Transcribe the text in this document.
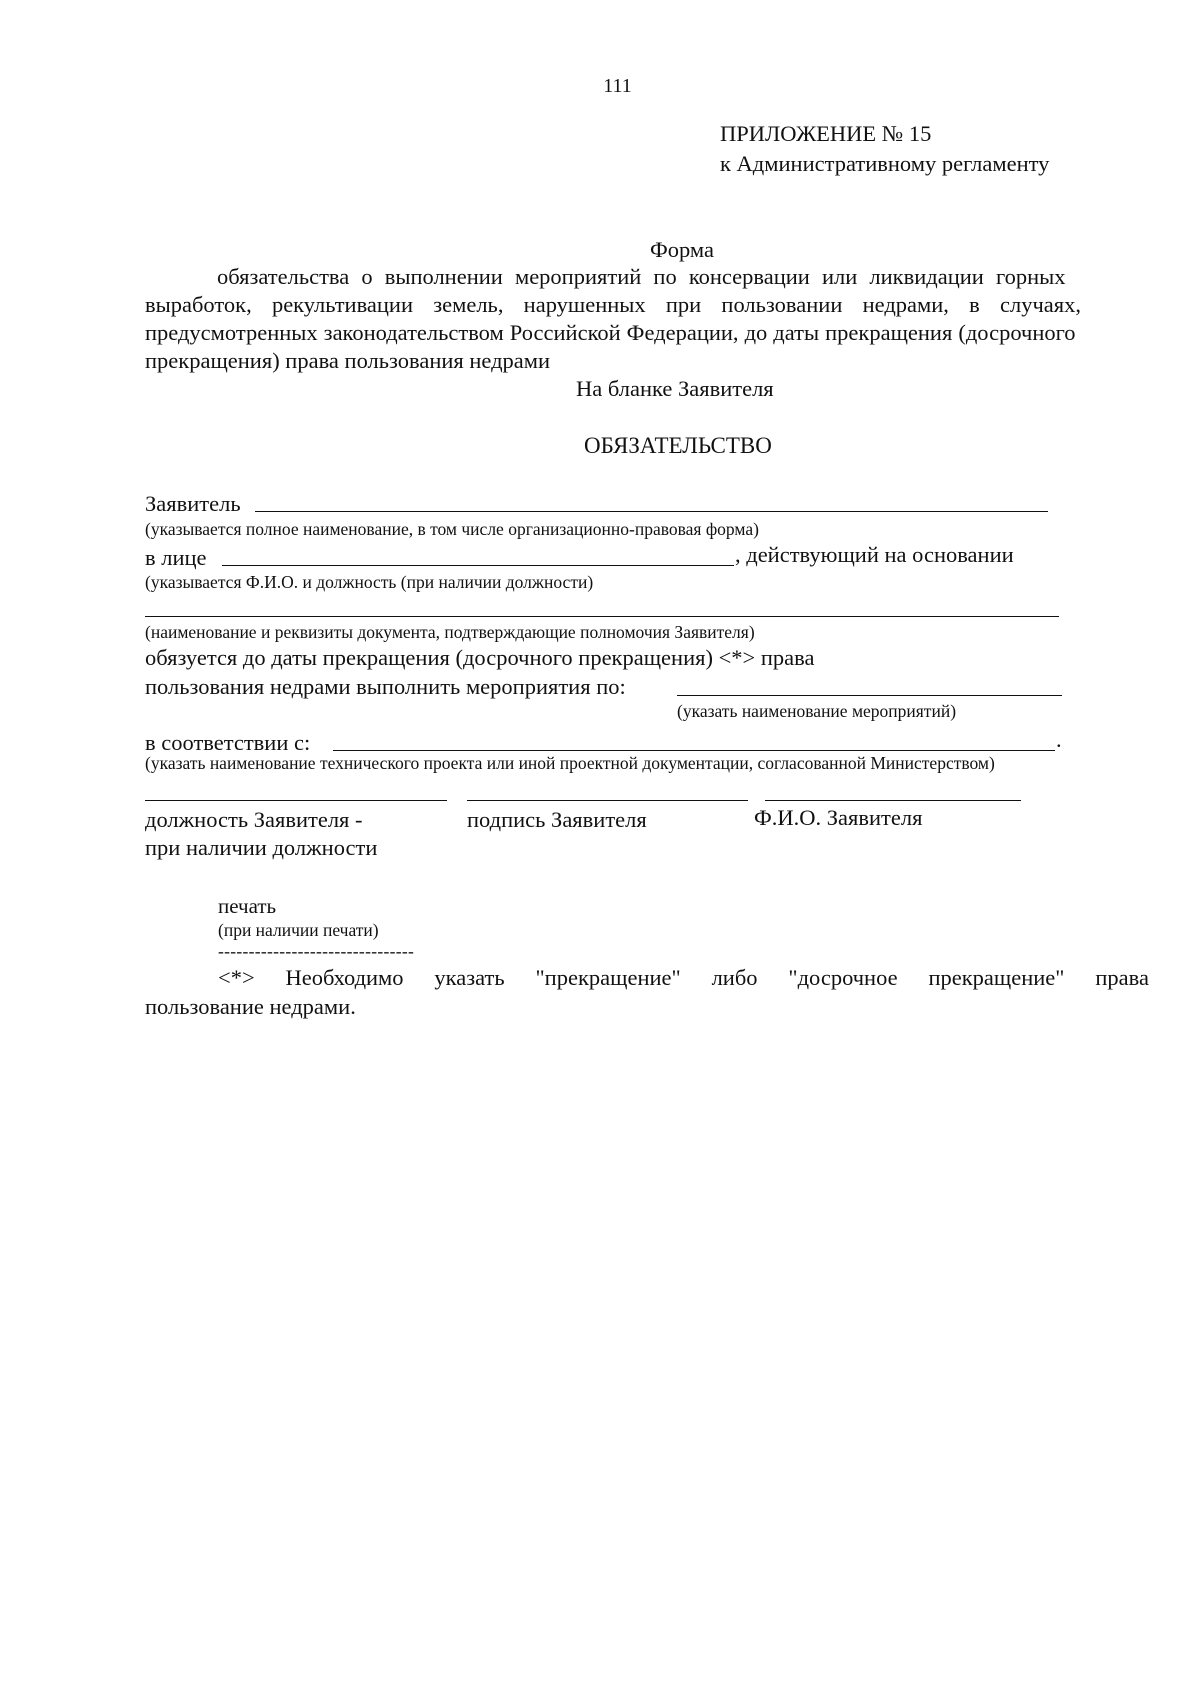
111
ПРИЛОЖЕНИЕ № 15
к Административному регламенту
Форма
обязательства о выполнении мероприятий по консервации или ликвидации горных
выработок, рекультивации земель, нарушенных при пользовании недрами, в случаях,
предусмотренных законодательством Российской Федерации, до даты прекращения (досрочного
прекращения) права пользования недрами
На бланке Заявителя
ОБЯЗАТЕЛЬСТВО
Заявитель
(указывается полное наименование, в том числе организационно-правовая форма)
в лице	, действующий на основании
(указывается Ф.И.О. и должность (при наличии должности)
(наименование и реквизиты документа, подтверждающие полномочия Заявителя)
обязуется до даты прекращения (досрочного прекращения) <*> права
пользования недрами выполнить мероприятия по:
(указать наименование мероприятий)
в соответствии с:	.
(указать наименование технического проекта или иной проектной документации, согласованной Министерством)
должность Заявителя -
при наличии должности
подпись Заявителя	Ф.И.О. Заявителя
печать
(при наличии печати)
--------------------------------
<*> Необходимо указать "прекращение" либо "досрочное прекращение" права
пользование недрами.
